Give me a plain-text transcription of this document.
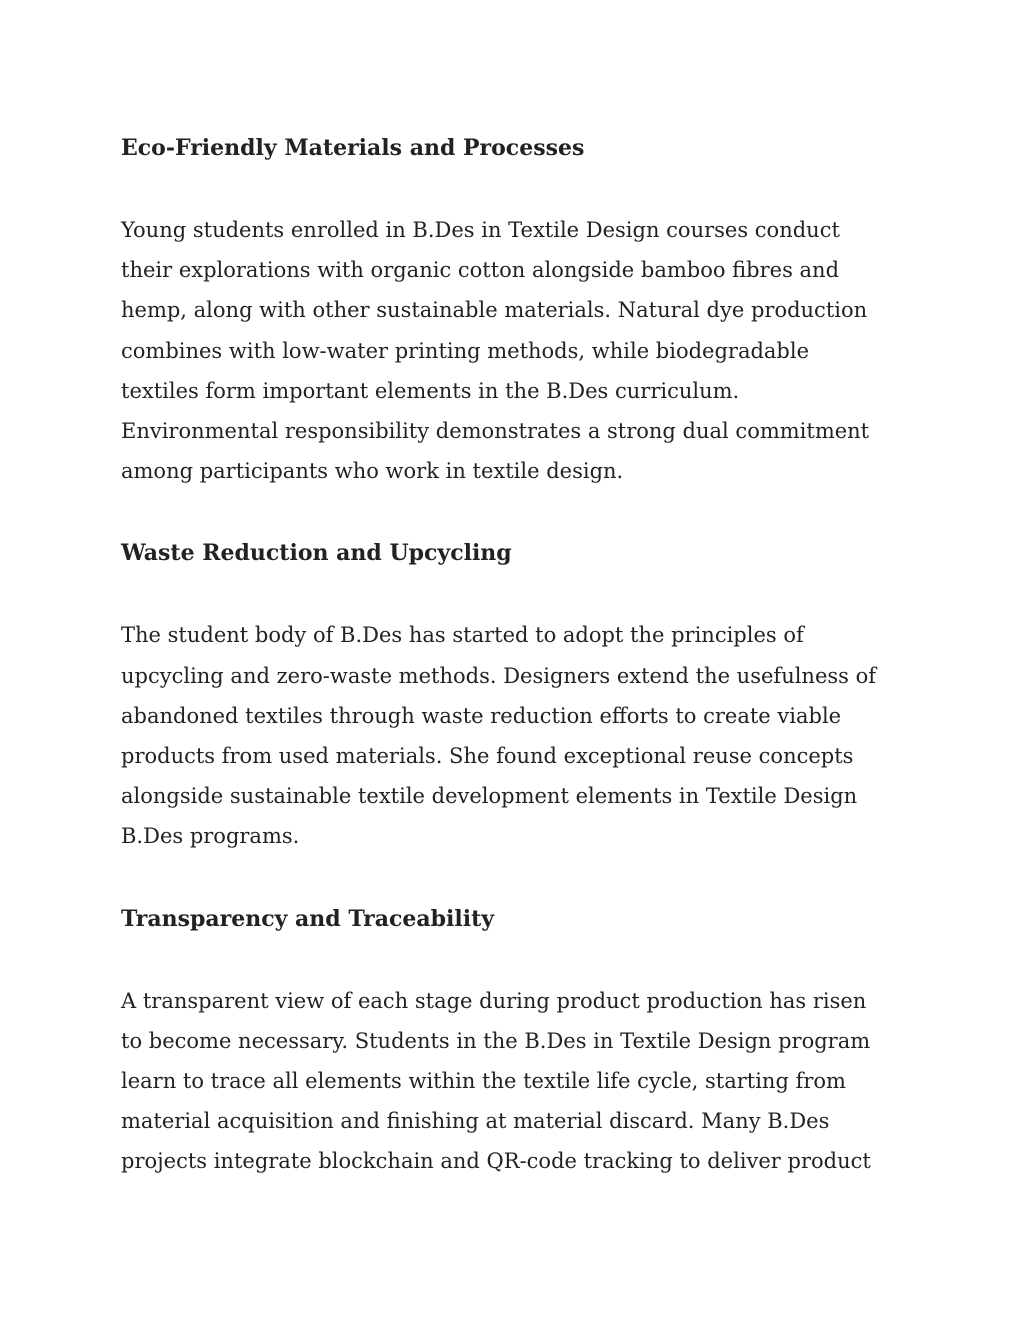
Eco-Friendly Materials and Processes
Young students enrolled in B.Des in Textile Design courses conduct
their explorations with organic cotton alongside bamboo fibres and
hemp, along with other sustainable materials. Natural dye production
combines with low-water printing methods, while biodegradable
textiles form important elements in the B.Des curriculum.
Environmental responsibility demonstrates a strong dual commitment
among participants who work in textile design.
Waste Reduction and Upcycling
The student body of B.Des has started to adopt the principles of
upcycling and zero-waste methods. Designers extend the usefulness of
abandoned textiles through waste reduction efforts to create viable
products from used materials. She found exceptional reuse concepts
alongside sustainable textile development elements in Textile Design
B.Des programs.
Transparency and Traceability
A transparent view of each stage during product production has risen
to become necessary. Students in the B.Des in Textile Design program
learn to trace all elements within the textile life cycle, starting from
material acquisition and finishing at material discard. Many B.Des
projects integrate blockchain and QR-code tracking to deliver product
